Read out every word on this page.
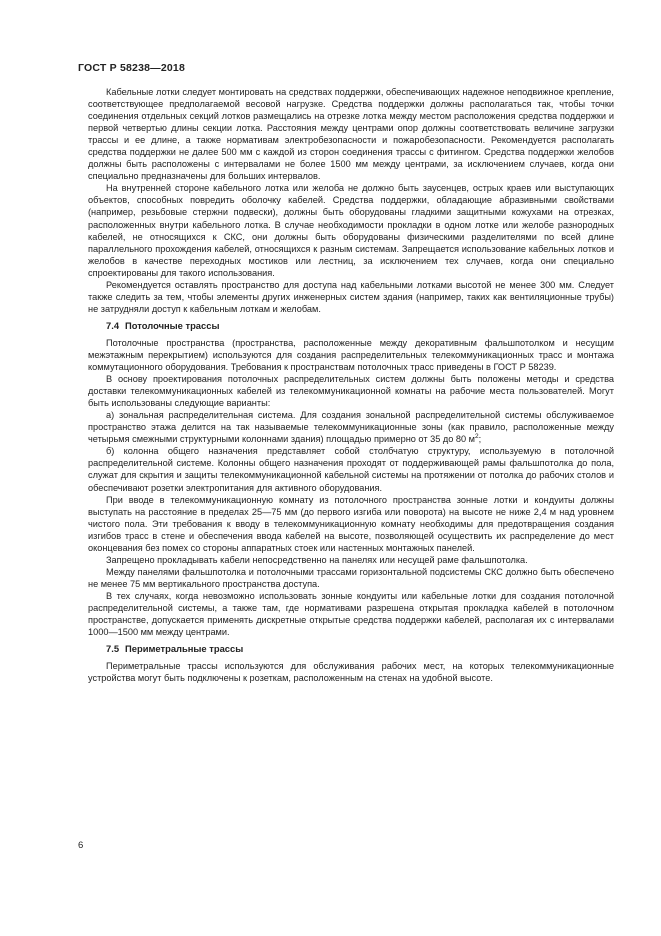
ГОСТ Р 58238—2018

Кабельные лотки следует монтировать на средствах поддержки, обеспечивающих надежное неподвижное крепление, соответствующее предполагаемой весовой нагрузке. Средства поддержки должны располагаться так, чтобы точки соединения отдельных секций лотков размещались на отрезке лотка между местом расположения средства поддержки и первой четвертью длины секции лотка. Расстояния между центрами опор должны соответствовать величине загрузки трассы и ее длине, а также нормативам электробезопасности и пожаробезопасности. Рекомендуется располагать средства поддержки не далее 500 мм с каждой из сторон соединения трассы с фитингом. Средства поддержки желобов должны быть расположены с интервалами не более 1500 мм между центрами, за исключением случаев, когда они специально предназначены для больших интервалов.

На внутренней стороне кабельного лотка или желоба не должно быть заусенцев, острых краев или выступающих объектов, способных повредить оболочку кабелей. Средства поддержки, обладающие абразивными свойствами (например, резьбовые стержни подвески), должны быть оборудованы гладкими защитными кожухами на отрезках, расположенных внутри кабельного лотка. В случае необходимости прокладки в одном лотке или желобе разнородных кабелей, не относящихся к СКС, они должны быть оборудованы физическими разделителями по всей длине параллельного прохождения кабелей, относящихся к разным системам. Запрещается использование кабельных лотков и желобов в качестве переходных мостиков или лестниц, за исключением тех случаев, когда они специально спроектированы для такого использования.

Рекомендуется оставлять пространство для доступа над кабельными лотками высотой не менее 300 мм. Следует также следить за тем, чтобы элементы других инженерных систем здания (например, таких как вентиляционные трубы) не затрудняли доступ к кабельным лоткам и желобам.

7.4 Потолочные трассы

Потолочные пространства (пространства, расположенные между декоративным фальшпотолком и несущим межэтажным перекрытием) используются для создания распределительных телекоммуникационных трасс и монтажа коммутационного оборудования. Требования к пространствам потолочных трасс приведены в ГОСТ Р 58239.

В основу проектирования потолочных распределительных систем должны быть положены методы и средства доставки телекоммуникационных кабелей из телекоммуникационной комнаты на рабочие места пользователей. Могут быть использованы следующие варианты:

а) зональная распределительная система. Для создания зональной распределительной системы обслуживаемое пространство этажа делится на так называемые телекоммуникационные зоны (как правило, расположенные между четырьмя смежными структурными колоннами здания) площадью примерно от 35 до 80 $м^2$;

б) колонна общего назначения представляет собой столбчатую структуру, используемую в потолочной распределительной системе. Колонны общего назначения проходят от поддерживающей рамы фальшпотолка до пола, служат для скрытия и защиты телекоммуникационной кабельной системы на протяжении от потолка до рабочих столов и обеспечивают розетки электропитания для активного оборудования.

При вводе в телекоммуникационную комнату из потолочного пространства зонные лотки и кондуиты должны выступать на расстояние в пределах 25—75 мм (до первого изгиба или поворота) на высоте не ниже 2,4 м над уровнем чистого пола. Эти требования к вводу в телекоммуникационную комнату необходимы для предотвращения создания изгибов трасс в стене и обеспечения ввода кабелей на высоте, позволяющей осуществить их распределение до мест оконцевания без помех со стороны аппаратных стоек или настенных монтажных панелей.

Запрещено прокладывать кабели непосредственно на панелях или несущей раме фальшпотолка.

Между панелями фальшпотолка и потолочными трассами горизонтальной подсистемы СКС должно быть обеспечено не менее 75 мм вертикального пространства доступа.

В тех случаях, когда невозможно использовать зонные кондуиты или кабельные лотки для создания потолочной распределительной системы, а также там, где нормативами разрешена открытая прокладка кабелей в потолочном пространстве, допускается применять дискретные открытые средства поддержки кабелей, располагая их с интервалами 1000—1500 мм между центрами.

7.5 Периметральные трассы

Периметральные трассы используются для обслуживания рабочих мест, на которых телекоммуникационные устройства могут быть подключены к розеткам, расположенным на стенах на удобной высоте.

6
